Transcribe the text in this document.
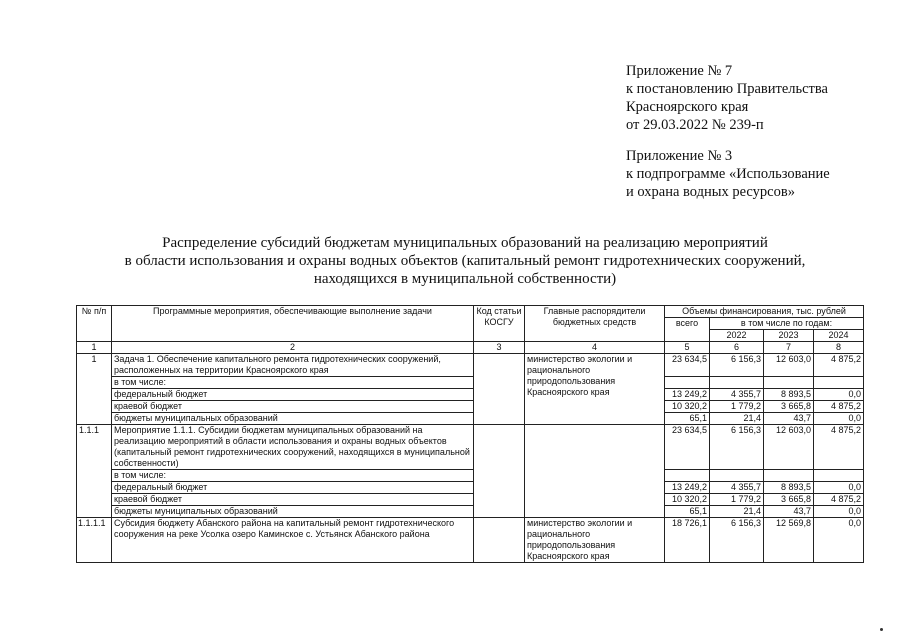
Приложение № 7
к постановлению Правительства
Красноярского края
от 29.03.2022 № 239-п
Приложение № 3
к подпрограмме «Использование
и охрана водных ресурсов»
Распределение субсидий бюджетам муниципальных образований на реализацию мероприятий
в области использования и охраны водных объектов (капитальный ремонт гидротехнических сооружений,
находящихся в муниципальной собственности)
№ п/п	Программные мероприятия, обеспечивающие выполнение задачи	Код статьи КОСГУ	Главные распорядители бюджетных средств	Объемы финансирования, тыс. рублей			
				всего	в том числе по годам:		
					2022	2023	2024
1	2	3	4	5	6	7	8
1	Задача 1. Обеспечение капитального ремонта гидротехнических сооружений, расположенных на территории Красноярского края		министерство экологии и рационального природопользования Красноярского края	23 634,5	6 156,3	12 603,0	4 875,2
	в том числе:						
	федеральный бюджет			13 249,2	4 355,7	8 893,5	0,0
	краевой бюджет			10 320,2	1 779,2	3 665,8	4 875,2
	бюджеты муниципальных образований			65,1	21,4	43,7	0,0
1.1.1	Мероприятие 1.1.1. Субсидии бюджетам муниципальных образований на реализацию мероприятий в области использования и охраны водных объектов (капитальный ремонт гидротехнических сооружений, находящихся в муниципальной собственности)			23 634,5	6 156,3	12 603,0	4 875,2
	в том числе:						
	федеральный бюджет			13 249,2	4 355,7	8 893,5	0,0
	краевой бюджет			10 320,2	1 779,2	3 665,8	4 875,2
	бюджеты муниципальных образований			65,1	21,4	43,7	0,0
1.1.1.1	Субсидия бюджету Абанского района на капитальный ремонт гидротехнического сооружения на реке Усолка озеро Каминское с. Устьянск Абанского района		министерство экологии и рационального природопользования Красноярского края	18 726,1	6 156,3	12 569,8	0,0
